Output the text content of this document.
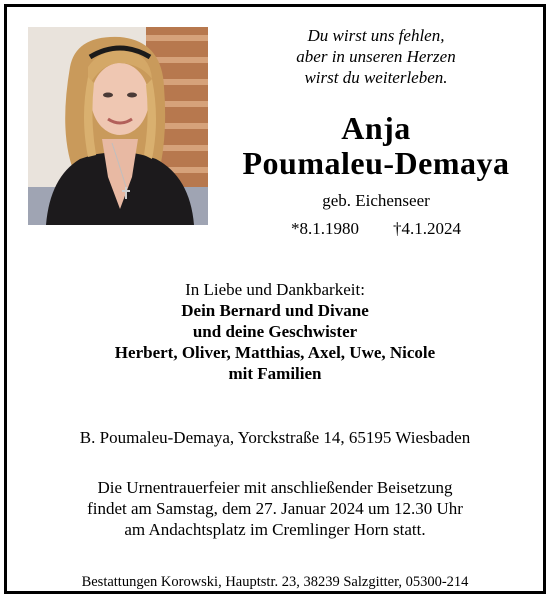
Du wirst uns fehlen,
aber in unseren Herzen
wirst du weiterleben.
Anja
Poumaleu-Demaya
geb. Eichenseer
*8.1.1980 †4.1.2024
In Liebe und Dankbarkeit:
Dein Bernard und Divane
und deine Geschwister
Herbert, Oliver, Matthias, Axel, Uwe, Nicole
mit Familien
B. Poumaleu-Demaya, Yorckstraße 14, 65195 Wiesbaden
Die Urnentrauerfeier mit anschließender Beisetzung
findet am Samstag, dem 27. Januar 2024 um 12.30 Uhr
am Andachtsplatz im Cremlinger Horn statt.
Bestattungen Korowski, Hauptstr. 23, 38239 Salzgitter, 05300-214
